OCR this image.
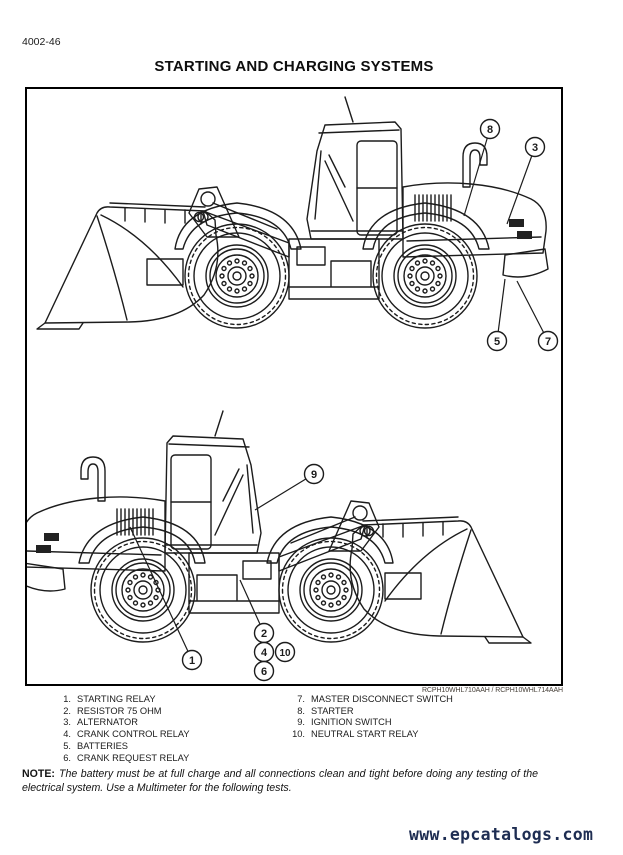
4002-46
STARTING AND CHARGING SYSTEMS
8
3
5	7
9
1
2
4 10
6
RCPH10WHL710AAH / RCPH10WHL714AAH
1. STARTING RELAY
2. RESISTOR 75 OHM
3. ALTERNATOR
4. CRANK CONTROL RELAY
5. BATTERIES
6. CRANK REQUEST RELAY
7. MASTER DISCONNECT SWITCH
8. STARTER
9. IGNITION SWITCH
10. NEUTRAL START RELAY

NOTE: The battery must be at full charge and all connections clean and tight before doing any testing of the electrical system. Use a Multimeter for the following tests.

www.epcatalogs.com
